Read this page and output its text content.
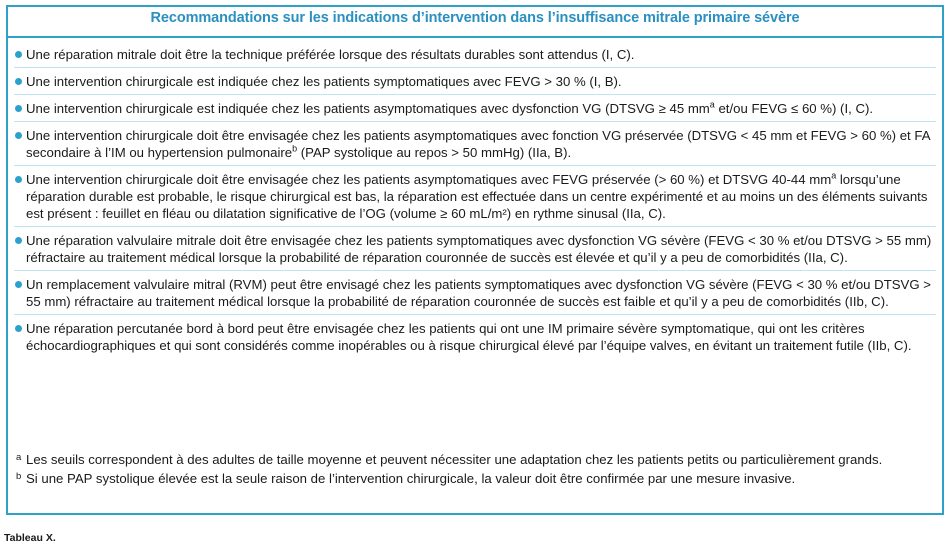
Recommandations sur les indications d’intervention dans l’insuffisance mitrale primaire sévère
Une réparation mitrale doit être la technique préférée lorsque des résultats durables sont attendus (I, C).
Une intervention chirurgicale est indiquée chez les patients symptomatiques avec FEVG > 30 % (I, B).
Une intervention chirurgicale est indiquée chez les patients asymptomatiques avec dysfonction VG (DTSVG ≥ 45 $mm^a$ et/ou FEVG ≤ 60 %) (I, C).
Une intervention chirurgicale doit être envisagée chez les patients asymptomatiques avec fonction VG préservée (DTSVG < 45 mm et FEVG > 60 %) et FA secondaire à l’IM ou hypertension pulmonaire$^b$ (PAP systolique au repos > 50 mmHg) (IIa, B).
Une intervention chirurgicale doit être envisagée chez les patients asymptomatiques avec FEVG préservée (> 60 %) et DTSVG 40-44 $mm^a$ lorsqu’une réparation durable est probable, le risque chirurgical est bas, la réparation est effectuée dans un centre expérimenté et au moins un des éléments suivants est présent : feuillet en fléau ou dilatation significative de l’OG (volume ≥ 60 mL/m²) en rythme sinusal (IIa, C).
Une réparation valvulaire mitrale doit être envisagée chez les patients symptomatiques avec dysfonction VG sévère (FEVG < 30 % et/ou DTSVG > 55 mm) réfractaire au traitement médical lorsque la probabilité de réparation couronnée de succès est élevée et qu’il y a peu de comorbidités (IIa, C).
Un remplacement valvulaire mitral (RVM) peut être envisagé chez les patients symptomatiques avec dysfonction VG sévère (FEVG < 30 % et/ou DTSVG > 55 mm) réfractaire au traitement médical lorsque la probabilité de réparation couronnée de succès est faible et qu’il y a peu de comorbidités (IIb, C).
Une réparation percutanée bord à bord peut être envisagée chez les patients qui ont une IM primaire sévère symptomatique, qui ont les critères échocardiographiques et qui sont considérés comme inopérables ou à risque chirurgical élevé par l’équipe valves, en évitant un traitement futile (IIb, C).
a Les seuils correspondent à des adultes de taille moyenne et peuvent nécessiter une adaptation chez les patients petits ou particulièrement grands.
b Si une PAP systolique élevée est la seule raison de l’intervention chirurgicale, la valeur doit être confirmée par une mesure invasive.
Tableau X.
